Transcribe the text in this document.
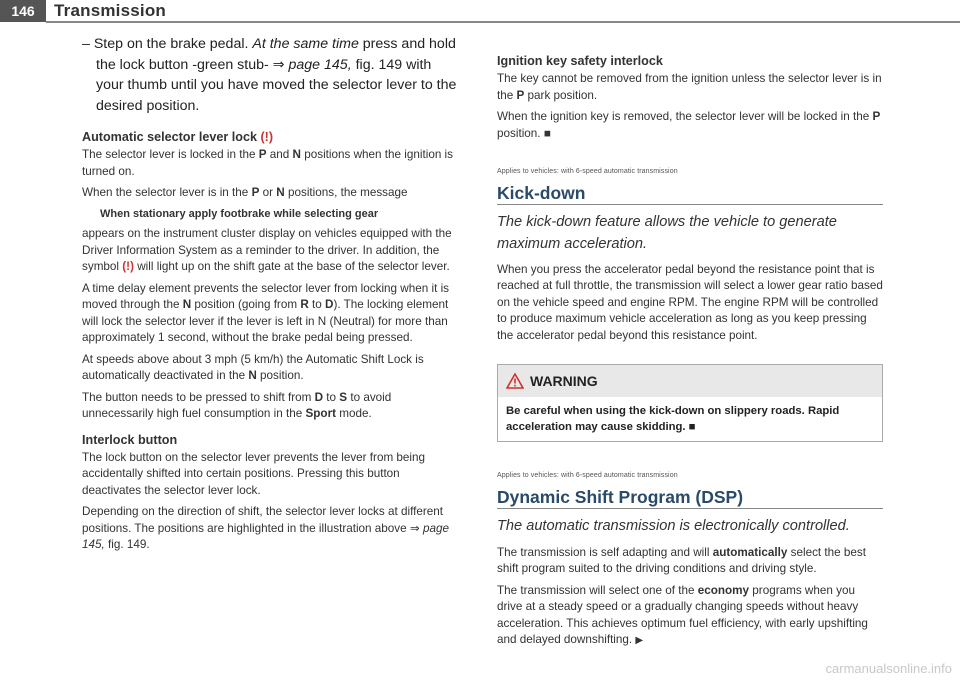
146	Transmission

– Step on the brake pedal. At the same time press and hold the lock button -green stub- ⇒ page 145, fig. 149 with your thumb until you have moved the selector lever to the desired position.

Automatic selector lever lock (!)

The selector lever is locked in the P and N positions when the ignition is turned on.

When the selector lever is in the P or N positions, the message

When stationary apply footbrake while selecting gear

appears on the instrument cluster display on vehicles equipped with the Driver Information System as a reminder to the driver. In addition, the symbol (!) will light up on the shift gate at the base of the selector lever.

A time delay element prevents the selector lever from locking when it is moved through the N position (going from R to D). The locking element will lock the selector lever if the lever is left in N (Neutral) for more than approximately 1 second, without the brake pedal being pressed.

At speeds above about 3 mph (5 km/h) the Automatic Shift Lock is automatically deactivated in the N position.

The button needs to be pressed to shift from D to S to avoid unnecessarily high fuel consumption in the Sport mode.

Interlock button

The lock button on the selector lever prevents the lever from being accidentally shifted into certain positions. Pressing this button deactivates the selector lever lock.

Depending on the direction of shift, the selector lever locks at different positions. The positions are highlighted in the illustration above ⇒ page 145, fig. 149.

Ignition key safety interlock

The key cannot be removed from the ignition unless the selector lever is in the P park position.

When the ignition key is removed, the selector lever will be locked in the P position. ■

Applies to vehicles: with 6-speed automatic transmission

Kick-down

The kick-down feature allows the vehicle to generate maximum acceleration.

When you press the accelerator pedal beyond the resistance point that is reached at full throttle, the transmission will select a lower gear ratio based on the vehicle speed and engine RPM. The engine RPM will be controlled to produce maximum vehicle acceleration as long as you keep pressing the accelerator pedal beyond this resistance point.

WARNING
Be careful when using the kick-down on slippery roads. Rapid acceleration may cause skidding. ■

Applies to vehicles: with 6-speed automatic transmission

Dynamic Shift Program (DSP)

The automatic transmission is electronically controlled.

The transmission is self adapting and will automatically select the best shift program suited to the driving conditions and driving style.

The transmission will select one of the economy programs when you drive at a steady speed or a gradually changing speeds without heavy acceleration. This achieves optimum fuel efficiency, with early upshifting and delayed downshifting. ▶

carmanualsonline.info
